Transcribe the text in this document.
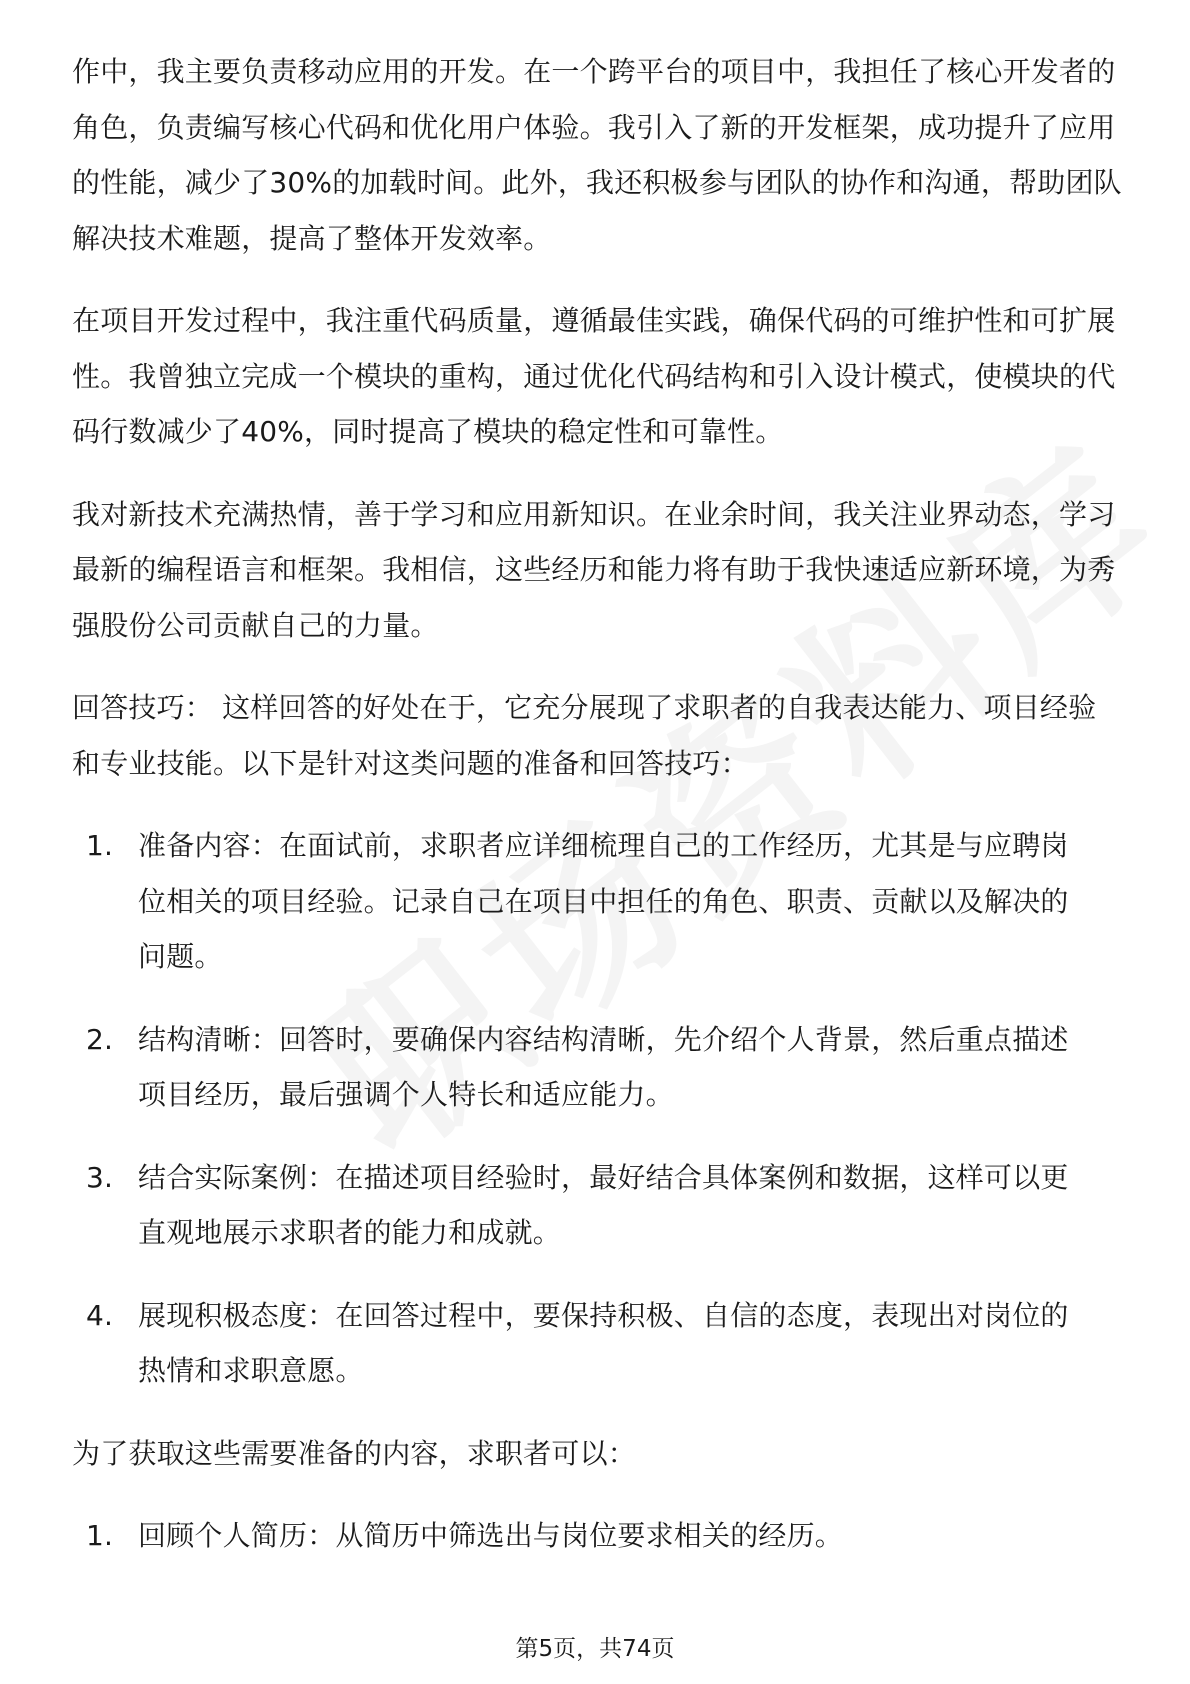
作中，我主要负责移动应用的开发。在一个跨平台的项目中，我担任了核心开发者的角色，负责编写核心代码和优化用户体验。我引入了新的开发框架，成功提升了应用的性能，减少了30%的加载时间。此外，我还积极参与团队的协作和沟通，帮助团队解决技术难题，提高了整体开发效率。

在项目开发过程中，我注重代码质量，遵循最佳实践，确保代码的可维护性和可扩展性。我曾独立完成一个模块的重构，通过优化代码结构和引入设计模式，使模块的代码行数减少了40%，同时提高了模块的稳定性和可靠性。

我对新技术充满热情，善于学习和应用新知识。在业余时间，我关注业界动态，学习最新的编程语言和框架。我相信，这些经历和能力将有助于我快速适应新环境，为秀强股份公司贡献自己的力量。

回答技巧： 这样回答的好处在于，它充分展现了求职者的自我表达能力、项目经验和专业技能。以下是针对这类问题的准备和回答技巧：

1. 准备内容：在面试前，求职者应详细梳理自己的工作经历，尤其是与应聘岗位相关的项目经验。记录自己在项目中担任的角色、职责、贡献以及解决的问题。
2. 结构清晰：回答时，要确保内容结构清晰，先介绍个人背景，然后重点描述项目经历，最后强调个人特长和适应能力。
3. 结合实际案例：在描述项目经验时，最好结合具体案例和数据，这样可以更直观地展示求职者的能力和成就。
4. 展现积极态度：在回答过程中，要保持积极、自信的态度，表现出对岗位的热情和求职意愿。

为了获取这些需要准备的内容，求职者可以：

1. 回顾个人简历：从简历中筛选出与岗位要求相关的经历。
第5页，共74页
